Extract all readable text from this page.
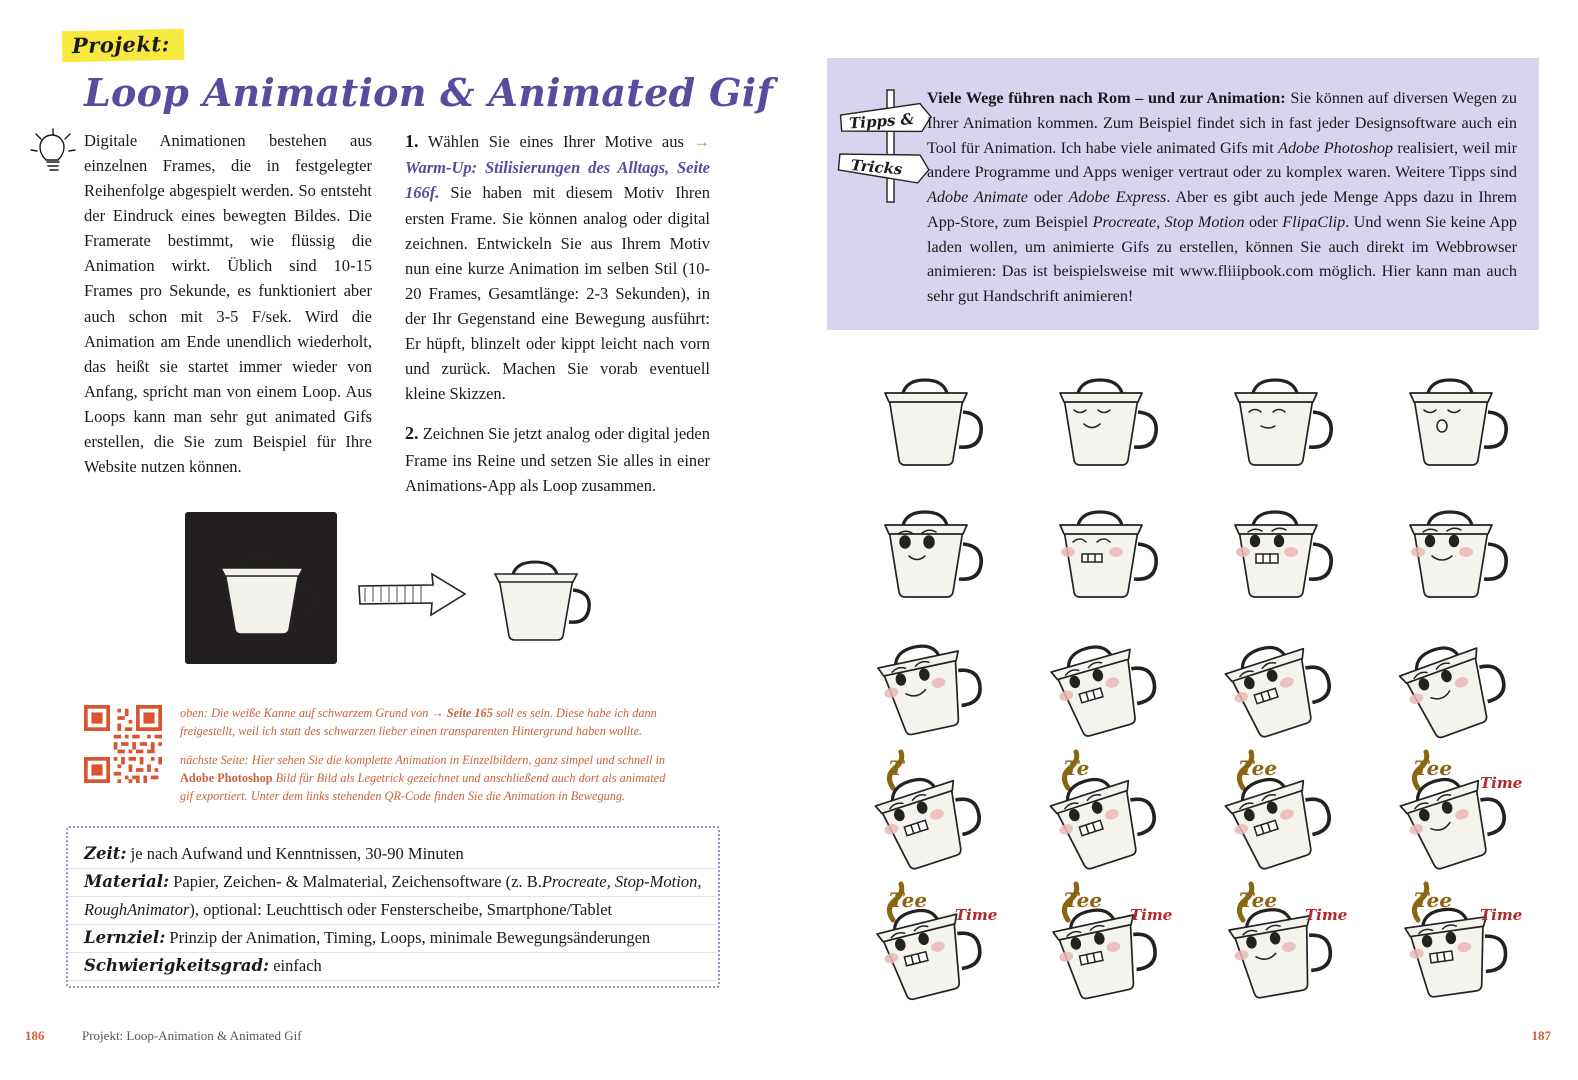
Projekt:
Loop Animation & Animated Gif

Digitale Animationen bestehen aus einzelnen Frames, die in festgelegter Reihenfolge abgespielt werden. So entsteht der Eindruck eines bewegten Bildes. Die Framerate bestimmt, wie flüssig die Animation wirkt. Üblich sind 10-15 Frames pro Sekunde, es funktioniert aber auch schon mit 3-5 F/sek. Wird die Animation am Ende unendlich wiederholt, das heißt sie startet immer wieder von Anfang, spricht man von einem Loop. Aus Loops kann man sehr gut animated Gifs erstellen, die Sie zum Beispiel für Ihre Website nutzen können.

1. Wählen Sie eines Ihrer Motive aus → Warm-Up: Stilisierungen des Alltags, Seite 166f. Sie haben mit diesem Motiv Ihren ersten Frame. Sie können analog oder digital zeichnen. Entwickeln Sie aus Ihrem Motiv nun eine kurze Animation im selben Stil (10-20 Frames, Gesamtlänge: 2-3 Sekunden), in der Ihr Gegenstand eine Bewegung ausführt: Er hüpft, blinzelt oder kippt leicht nach vorn und zurück. Machen Sie vorab eventuell kleine Skizzen.

2. Zeichnen Sie jetzt analog oder digital jeden Frame ins Reine und setzen Sie alles in einer Animations-App als Loop zusammen.

oben: Die weiße Kanne auf schwarzem Grund von → Seite 165 soll es sein. Diese habe ich dann freigestellt, weil ich statt des schwarzen lieber einen transparenten Hintergrund haben wollte.
nächste Seite: Hier sehen Sie die komplette Animation in Einzelbildern, ganz simpel und schnell in Adobe Photoshop Bild für Bild als Legetrick gezeichnet und anschließend auch dort als animated gif exportiert. Unter dem links stehenden QR-Code finden Sie die Animation in Bewegung.
Zeit: je nach Aufwand und Kenntnissen, 30-90 Minuten
Material: Papier, Zeichen- & Malmaterial, Zeichensoftware (z. B.Procreate, Stop-Motion, RoughAnimator), optional: Leuchttisch oder Fensterscheibe, Smartphone/Tablet
Lernziel: Prinzip der Animation, Timing, Loops, minimale Bewegungsänderungen
Schwierigkeitsgrad: einfach
186	Projekt: Loop-Animation & Animated Gif
Tipps &
Tricks
Viele Wege führen nach Rom – und zur Animation: Sie können auf diversen Wegen zu Ihrer Animation kommen. Zum Beispiel findet sich in fast jeder Designsoftware auch ein Tool für Animation. Ich habe viele animated Gifs mit Adobe Photoshop realisiert, weil mir andere Programme und Apps weniger vertraut oder zu komplex waren. Weitere Tipps sind Adobe Animate oder Adobe Express. Aber es gibt auch jede Menge Apps dazu in Ihrem App-Store, zum Beispiel Procreate, Stop Motion oder FlipaClip. Und wenn Sie keine App laden wollen, um animierte Gifs zu erstellen, können Sie auch direkt im Webbrowser animieren: Das ist beispielsweise mit www.fliiipbook.com möglich. Hier kann man auch sehr gut Handschrift animieren!
T	Te	Tee	Tee
Time
Tee
Time
Tee
Time
Tee
Time
Tee
Time
187
